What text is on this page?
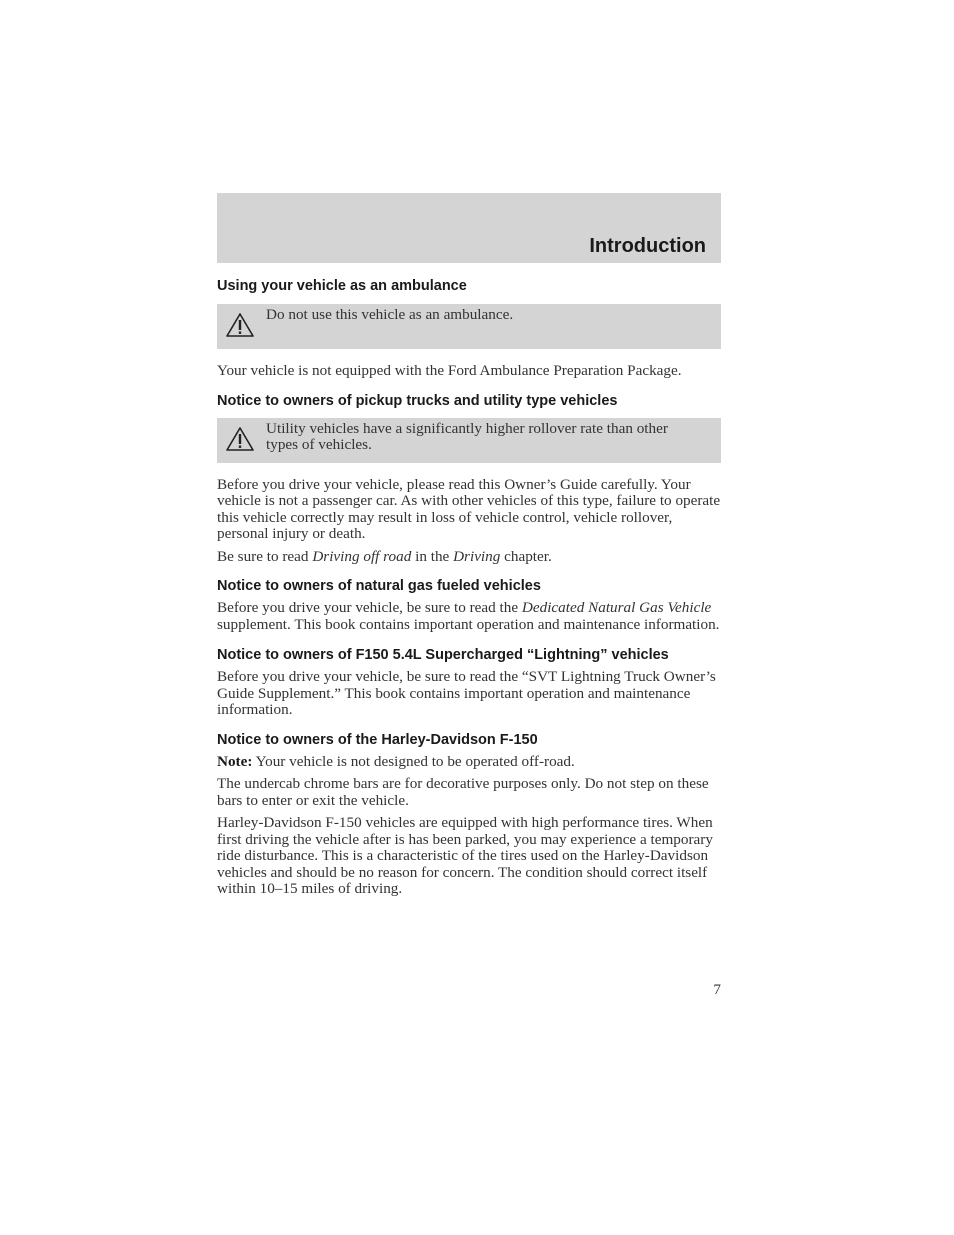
Introduction
Using your vehicle as an ambulance
Do not use this vehicle as an ambulance.

Your vehicle is not equipped with the Ford Ambulance Preparation Package.

Notice to owners of pickup trucks and utility type vehicles
Utility vehicles have a significantly higher rollover rate than other types of vehicles.

Before you drive your vehicle, please read this Owner’s Guide carefully. Your vehicle is not a passenger car. As with other vehicles of this type, failure to operate this vehicle correctly may result in loss of vehicle control, vehicle rollover, personal injury or death.

Be sure to read Driving off road in the Driving chapter.

Notice to owners of natural gas fueled vehicles

Before you drive your vehicle, be sure to read the Dedicated Natural Gas Vehicle supplement. This book contains important operation and maintenance information.

Notice to owners of F150 5.4L Supercharged “Lightning” vehicles

Before you drive your vehicle, be sure to read the “SVT Lightning Truck Owner’s Guide Supplement.” This book contains important operation and maintenance information.

Notice to owners of the Harley-Davidson F-150

Note: Your vehicle is not designed to be operated off-road.

The undercab chrome bars are for decorative purposes only. Do not step on these bars to enter or exit the vehicle.

Harley-Davidson F-150 vehicles are equipped with high performance tires. When first driving the vehicle after is has been parked, you may experience a temporary ride disturbance. This is a characteristic of the tires used on the Harley-Davidson vehicles and should be no reason for concern. The condition should correct itself within 10–15 miles of driving.

7
